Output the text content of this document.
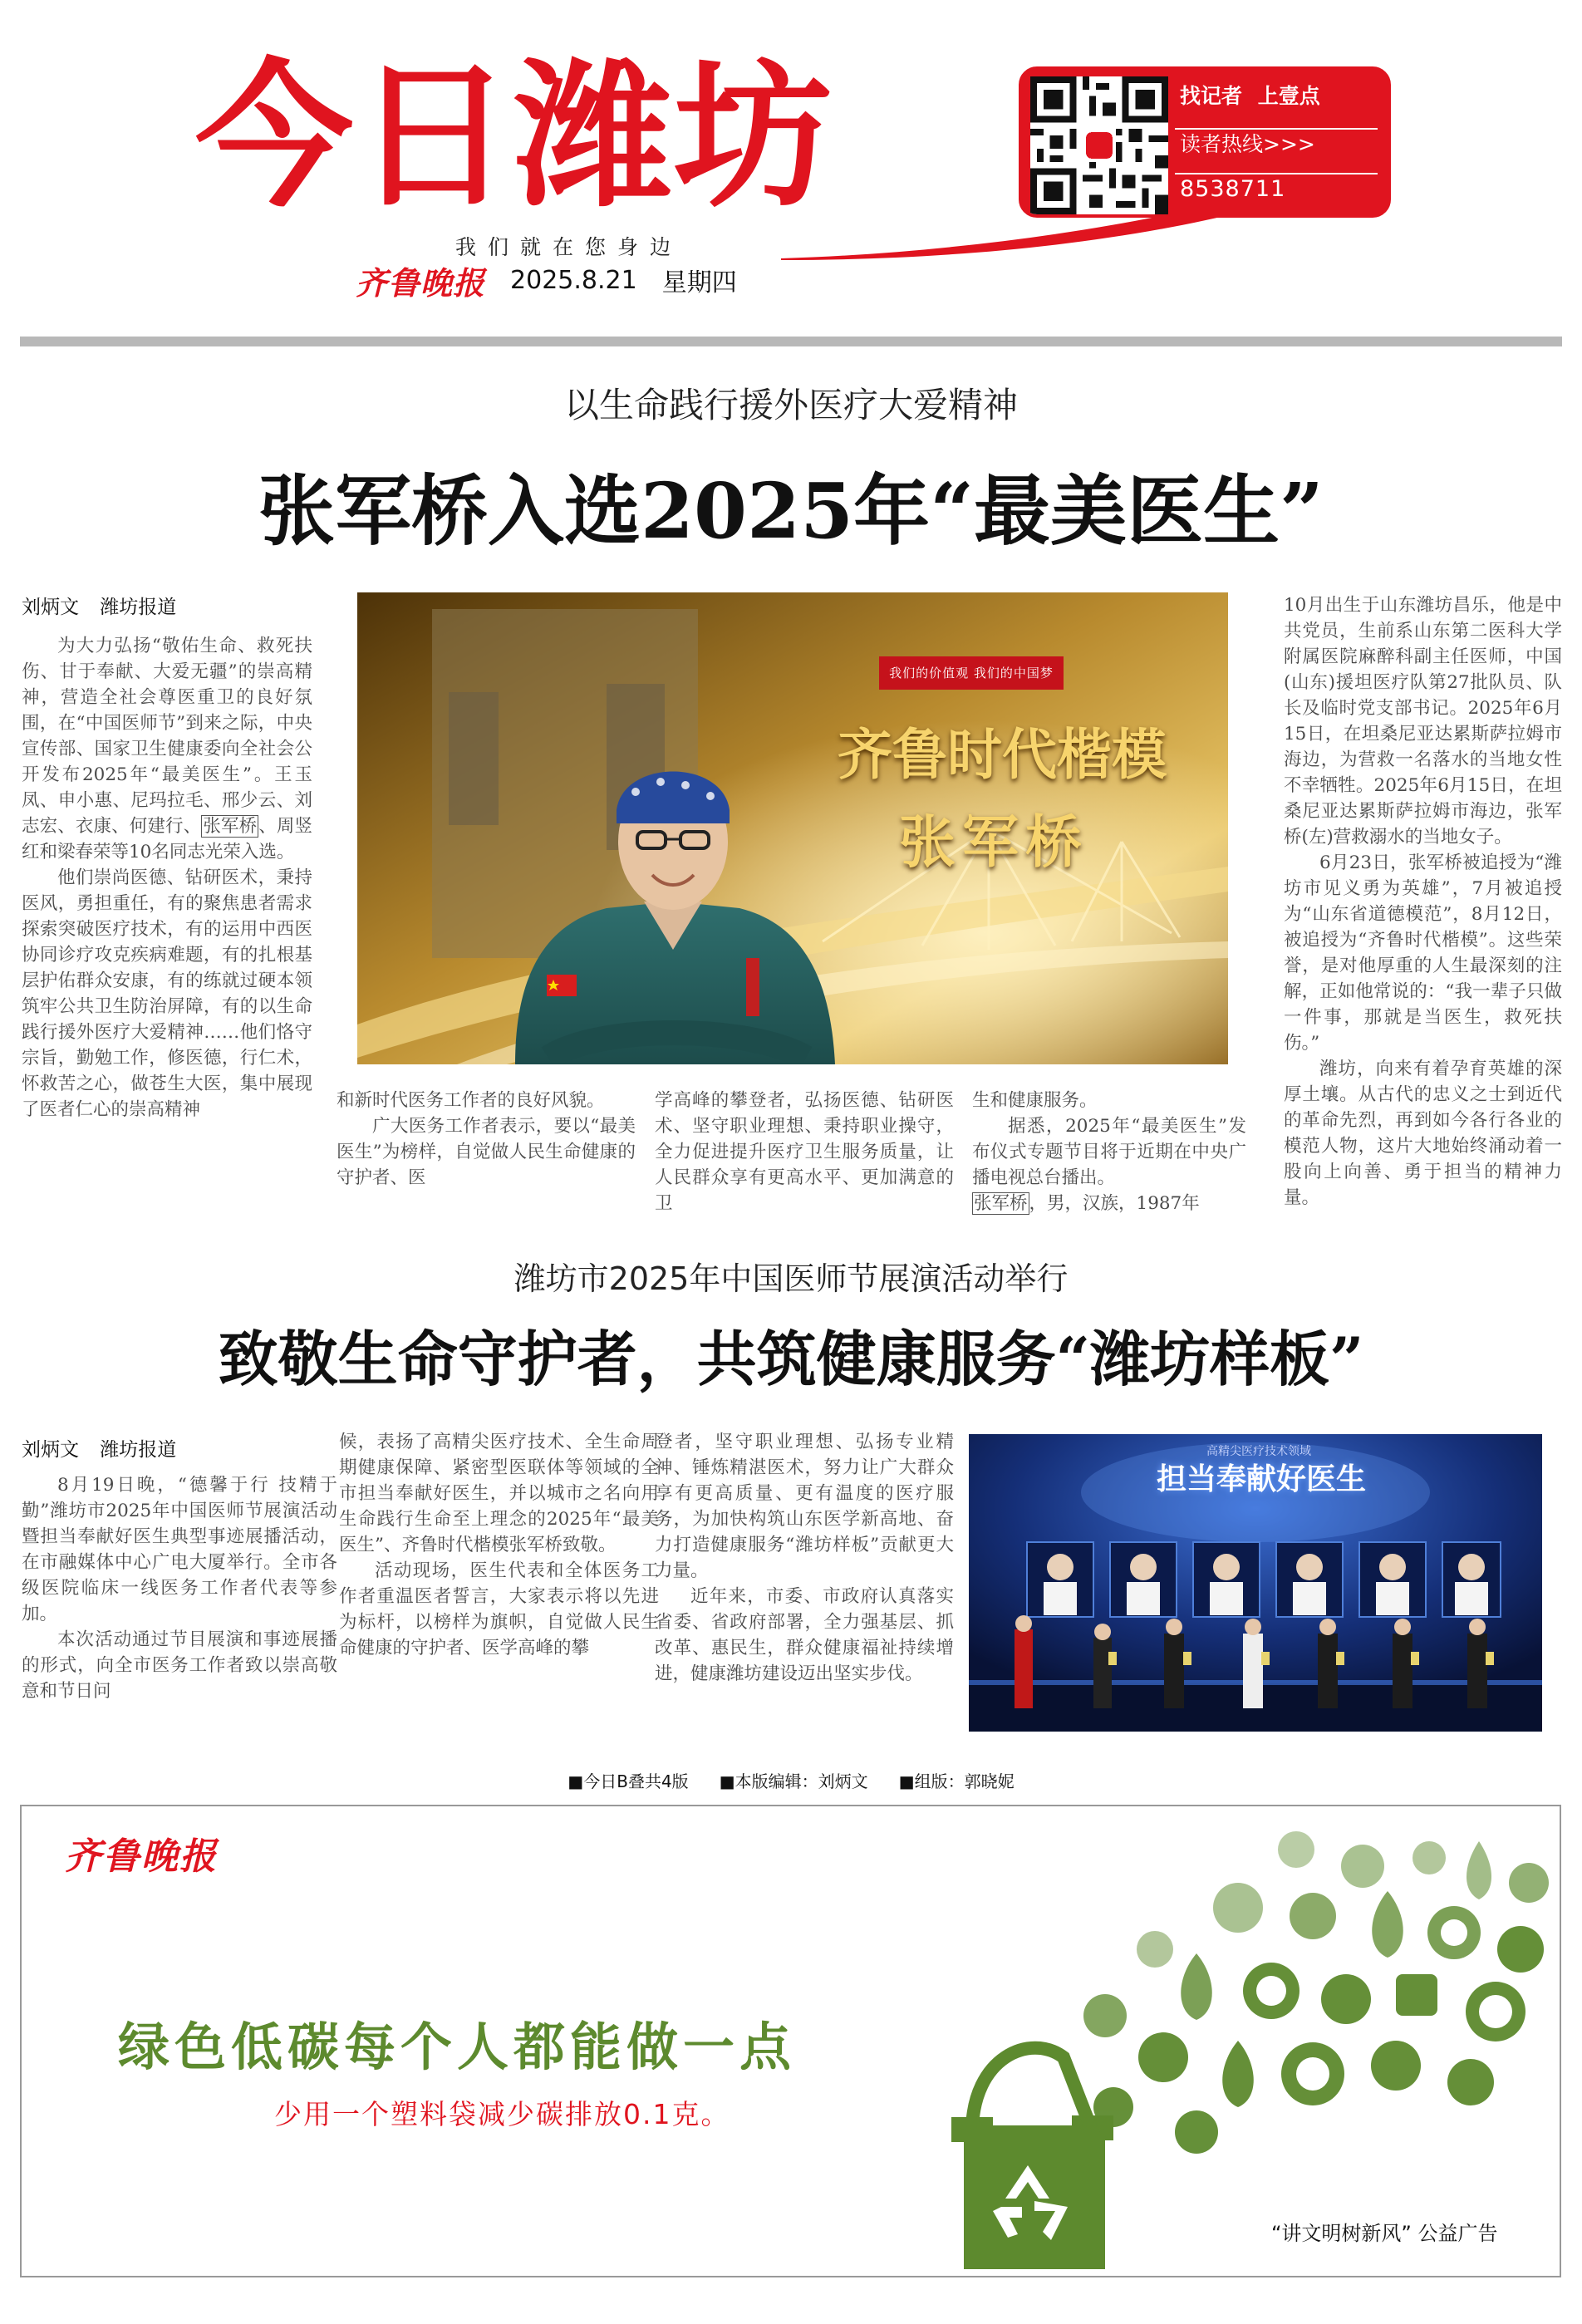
今日潍坊
我们就在您身边
齐鲁晚报 2025.8.21 星期四
找记者 上壹点
读者热线>>>
8538711
以生命践行援外医疗大爱精神
张军桥入选2025年“最美医生”
刘炳文 潍坊报道

为大力弘扬“敬佑生命、救死扶伤、甘于奉献、大爱无疆”的崇高精神，营造全社会尊医重卫的良好氛围，在“中国医师节”到来之际，中央宣传部、国家卫生健康委向全社会公开发布2025年“最美医生”。王玉凤、申小惠、尼玛拉毛、邢少云、刘志宏、衣康、何建行、张军桥、周竖红和梁春荣等10名同志光荣入选。

他们崇尚医德、钻研医术，秉持医风，勇担重任，有的聚焦患者需求探索突破医疗技术，有的运用中西医协同诊疗攻克疾病难题，有的扎根基层护佑群众安康，有的练就过硬本领筑牢公共卫生防治屏障，有的以生命践行援外医疗大爱精神……他们恪守宗旨，勤勉工作，修医德，行仁术，怀救苦之心，做苍生大医，集中展现了医者仁心的崇高精神

我们的价值观 我们的中国梦
齐鲁时代楷模
张军桥

和新时代医务工作者的良好风貌。

广大医务工作者表示，要以“最美医生”为榜样，自觉做人民生命健康的守护者、医

学高峰的攀登者，弘扬医德、钻研医术、坚守职业理想、秉持职业操守，全力促进提升医疗卫生服务质量，让人民群众享有更高水平、更加满意的卫

生和健康服务。

据悉，2025年“最美医生”发布仪式专题节目将于近期在中央广播电视总台播出。

张军桥，男，汉族，1987年

10月出生于山东潍坊昌乐，他是中共党员，生前系山东第二医科大学附属医院麻醉科副主任医师，中国(山东)援坦医疗队第27批队员、队长及临时党支部书记。2025年6月15日，在坦桑尼亚达累斯萨拉姆市海边，为营救一名落水的当地女性不幸牺牲。2025年6月15日，在坦桑尼亚达累斯萨拉姆市海边，张军桥(左)营救溺水的当地女子。

6月23日，张军桥被追授为“潍坊市见义勇为英雄”，7月被追授为“山东省道德模范”，8月12日，被追授为“齐鲁时代楷模”。这些荣誉，是对他厚重的人生最深刻的注解，正如他常说的：“我一辈子只做一件事，那就是当医生，救死扶伤。”

潍坊，向来有着孕育英雄的深厚土壤。从古代的忠义之士到近代的革命先烈，再到如今各行各业的模范人物，这片大地始终涌动着一股向上向善、勇于担当的精神力量。

潍坊市2025年中国医师节展演活动举行
致敬生命守护者，共筑健康服务“潍坊样板”
刘炳文 潍坊报道

8月19日晚，“德馨于行 技精于勤”潍坊市2025年中国医师节展演活动暨担当奉献好医生典型事迹展播活动，在市融媒体中心广电大厦举行。全市各级医院临床一线医务工作者代表等参加。

本次活动通过节目展演和事迹展播的形式，向全市医务工作者致以崇高敬意和节日问

候，表扬了高精尖医疗技术、全生命周期健康保障、紧密型医联体等领域的全市担当奉献好医生，并以城市之名向用生命践行生命至上理念的2025年“最美医生”、齐鲁时代楷模张军桥致敬。

活动现场，医生代表和全体医务工作者重温医者誓言，大家表示将以先进为标杆，以榜样为旗帜，自觉做人民生命健康的守护者、医学高峰的攀

登者，坚守职业理想、弘扬专业精神、锤炼精湛医术，努力让广大群众享有更高质量、更有温度的医疗服务，为加快构筑山东医学新高地、奋力打造健康服务“潍坊样板”贡献更大力量。

近年来，市委、市政府认真落实省委、省政府部署，全力强基层、抓改革、惠民生，群众健康福祉持续增进，健康潍坊建设迈出坚实步伐。

高精尖医疗技术领域
担当奉献好医生
■今日B叠共4版 ■本版编辑：刘炳文 ■组版：郭晓妮
齐鲁晚报
绿色低碳每个人都能做一点
少用一个塑料袋减少碳排放0.1克。
“讲文明树新风” 公益广告
